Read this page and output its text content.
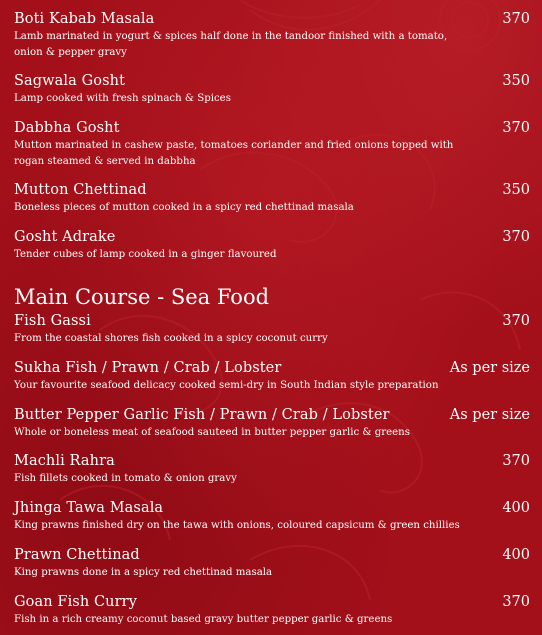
Boti Kabab Masala	370
Lamb marinated in yogurt & spices half done in the tandoor finished with a tomato, onion & pepper gravy
Sagwala Gosht	350
Lamp cooked with fresh spinach & Spices
Dabbha Gosht	370
Mutton marinated in cashew paste, tomatoes coriander and fried onions topped with rogan steamed & served in dabbha
Mutton Chettinad	350
Boneless pieces of mutton cooked in a spicy red chettinad masala
Gosht Adrake	370
Tender cubes of lamp cooked in a ginger flavoured
Main Course - Sea Food
Fish Gassi	370
From the coastal shores fish cooked in a spicy coconut curry
Sukha Fish / Prawn / Crab / Lobster	As per size
Your favourite seafood delicacy cooked semi-dry in South Indian style preparation
Butter Pepper Garlic Fish / Prawn / Crab / Lobster	As per size
Whole or boneless meat of seafood sauteed in butter pepper garlic & greens
Machli Rahra	370
Fish fillets cooked in tomato & onion gravy
Jhinga Tawa Masala	400
King prawns finished dry on the tawa with onions, coloured capsicum & green chillies
Prawn Chettinad	400
King prawns done in a spicy red chettinad masala
Goan Fish Curry	370
Fish in a rich creamy coconut based gravy butter pepper garlic & greens
